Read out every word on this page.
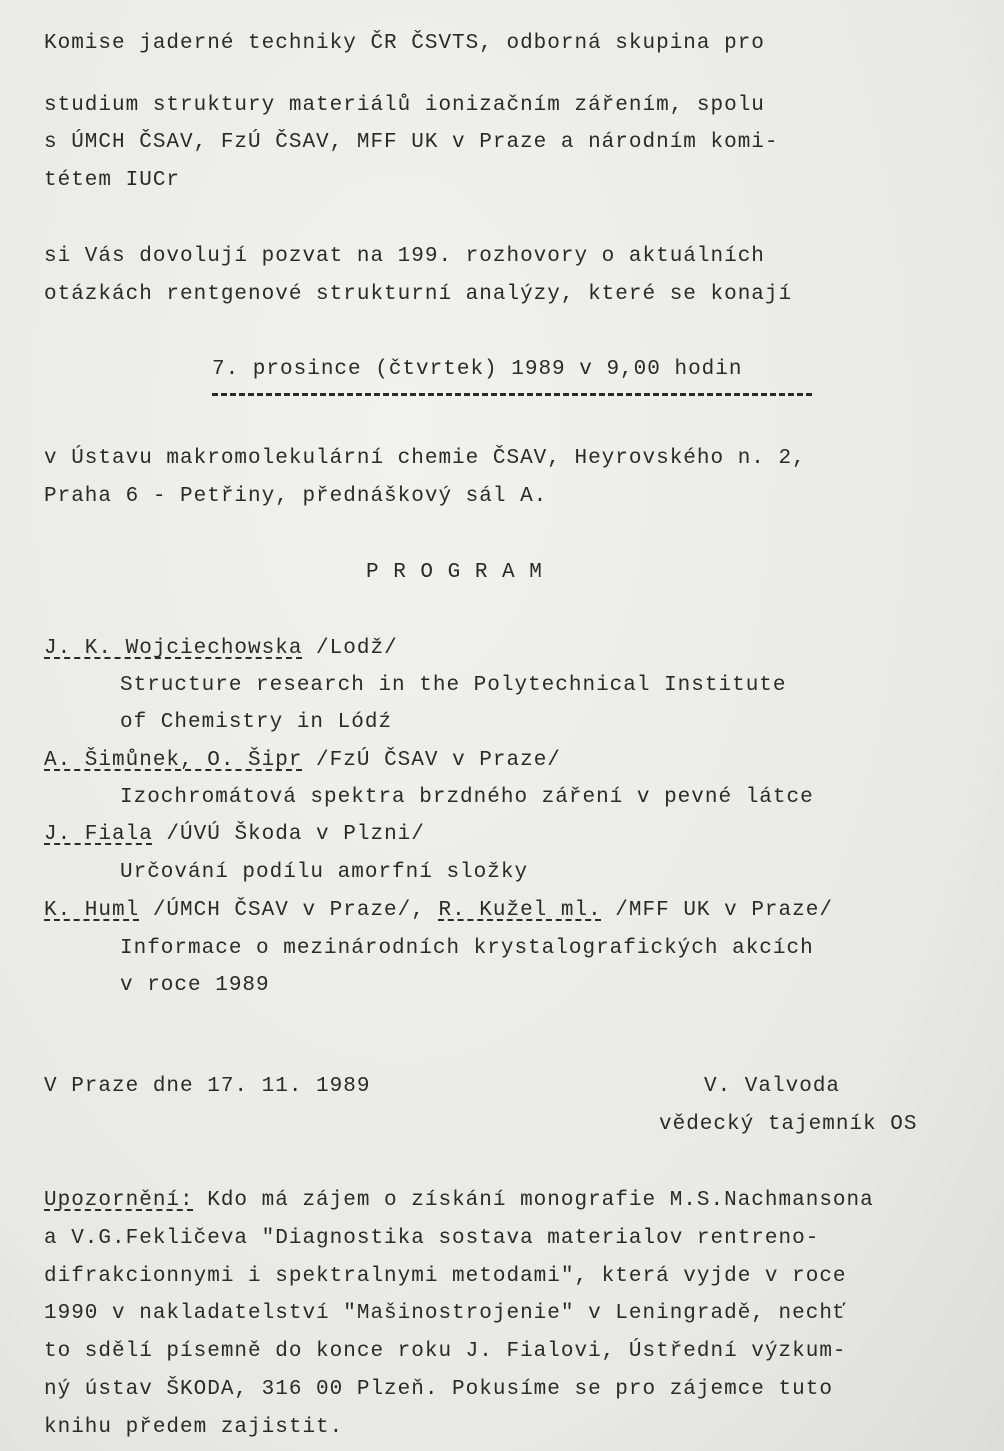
Komise jaderné techniky ČR ČSVTS, odborná skupina pro
studium struktury materiálů ionizačním zářením, spolu
s ÚMCH ČSAV, FzÚ ČSAV, MFF UK v Praze a národním komi-
tétem IUCr
si Vás dovolují pozvat na 199. rozhovory o aktuálních
otázkách rentgenové strukturní analýzy, které se konají
7. prosince (čtvrtek) 1989 v 9,00 hodin
v Ústavu makromolekulární chemie ČSAV, Heyrovského n. 2,
Praha 6 - Petřiny, přednáškový sál A.
P R O G R A M
J. K. Wojciechowska /Lodž/
Structure research in the Polytechnical Institute
of Chemistry in Lódź
A. Šimůnek, O. Šipr /FzÚ ČSAV v Praze/
Izochromátová spektra brzdného záření v pevné látce
J. Fiala /ÚVÚ Škoda v Plzni/
Určování podílu amorfní složky
K. Huml /ÚMCH ČSAV v Praze/, R. Kužel ml. /MFF UK v Praze/
Informace o mezinárodních krystalografických akcích
v roce 1989
V Praze dne 17. 11. 1989	V. Valvoda
vědecký tajemník OS
Upozornění: Kdo má zájem o získání monografie M.S.Nachmansona
a V.G.Fekličeva "Diagnostika sostava materialov rentreno-
difrakcionnymi i spektralnymi metodami", která vyjde v roce
1990 v nakladatelství "Mašinostrojenie" v Leningradě, nechť
to sdělí písemně do konce roku J. Fialovi, Ústřední výzkum-
ný ústav ŠKODA, 316 00 Plzeň. Pokusíme se pro zájemce tuto
knihu předem zajistit.
